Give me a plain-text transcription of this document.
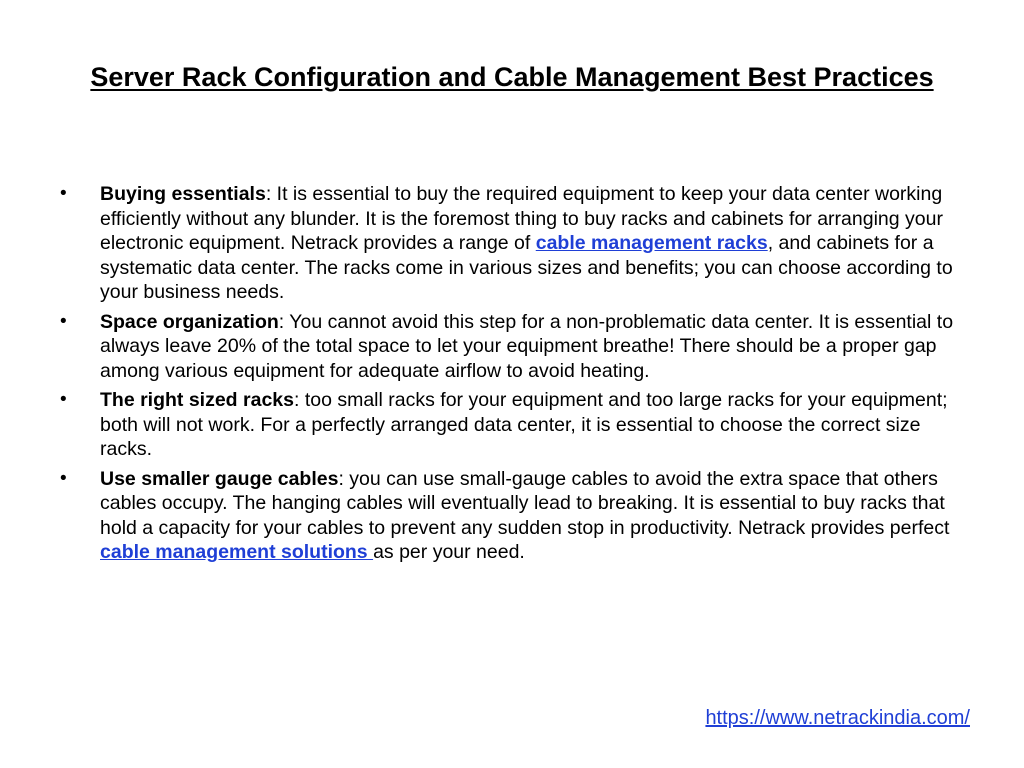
Server Rack Configuration and Cable Management Best Practices
• Buying essentials: It is essential to buy the required equipment to keep your data center working efficiently without any blunder. It is the foremost thing to buy racks and cabinets for arranging your electronic equipment. Netrack provides a range of cable management racks, and cabinets for a systematic data center. The racks come in various sizes and benefits; you can choose according to your business needs.
• Space organization: You cannot avoid this step for a non-problematic data center. It is essential to always leave 20% of the total space to let your equipment breathe! There should be a proper gap among various equipment for adequate airflow to avoid heating.
• The right sized racks: too small racks for your equipment and too large racks for your equipment; both will not work. For a perfectly arranged data center, it is essential to choose the correct size racks.
• Use smaller gauge cables: you can use small-gauge cables to avoid the extra space that others cables occupy. The hanging cables will eventually lead to breaking. It is essential to buy racks that hold a capacity for your cables to prevent any sudden stop in productivity. Netrack provides perfect cable management solutions as per your need.
https://www.netrackindia.com/
